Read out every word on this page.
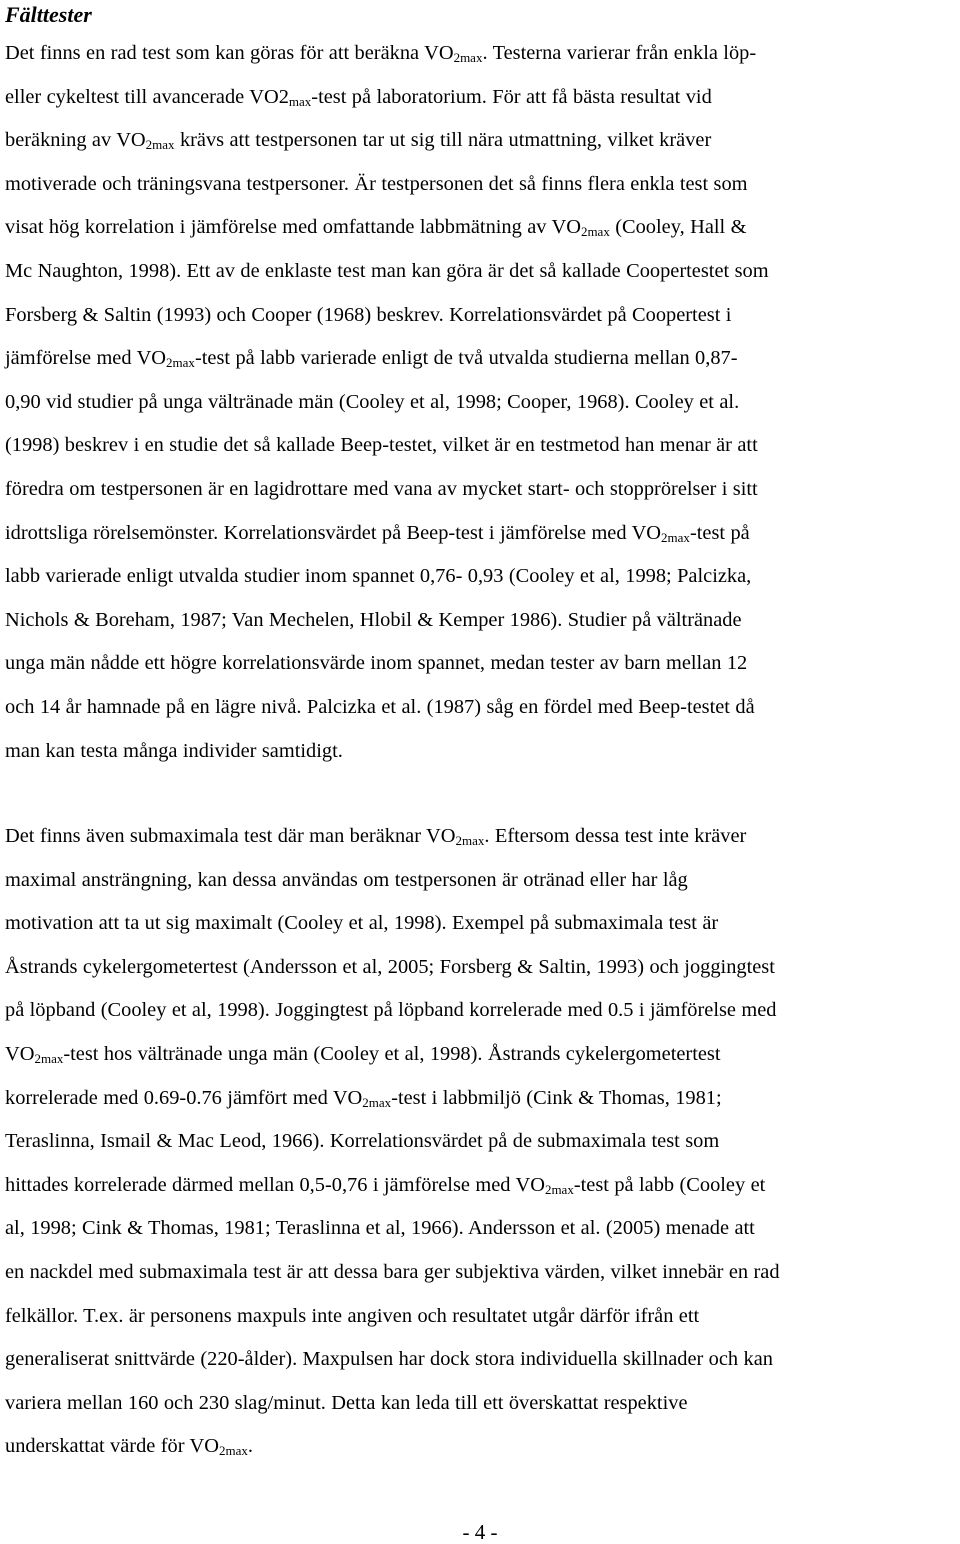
Fälttester

Det finns en rad test som kan göras för att beräkna $VO_{2max}$. Testerna varierar från enkla löp-
eller cykeltest till avancerade $VO2_{max}$-test på laboratorium. För att få bästa resultat vid
beräkning av $VO_{2max}$ krävs att testpersonen tar ut sig till nära utmattning, vilket kräver
motiverade och träningsvana testpersoner. Är testpersonen det så finns flera enkla test som
visat hög korrelation i jämförelse med omfattande labbmätning av $VO_{2max}$ (Cooley, Hall &
Mc Naughton, 1998). Ett av de enklaste test man kan göra är det så kallade Coopertestet som
Forsberg & Saltin (1993) och Cooper (1968) beskrev. Korrelationsvärdet på Coopertest i
jämförelse med $VO_{2max}$-test på labb varierade enligt de två utvalda studierna mellan 0,87-
0,90 vid studier på unga vältränade män (Cooley et al, 1998; Cooper, 1968). Cooley et al.
(1998) beskrev i en studie det så kallade Beep-testet, vilket är en testmetod han menar är att
föredra om testpersonen är en lagidrottare med vana av mycket start- och stopprörelser i sitt
idrottsliga rörelsemönster. Korrelationsvärdet på Beep-test i jämförelse med $VO_{2max}$-test på
labb varierade enligt utvalda studier inom spannet 0,76- 0,93 (Cooley et al, 1998; Palcizka,
Nichols & Boreham, 1987; Van Mechelen, Hlobil & Kemper 1986). Studier på vältränade
unga män nådde ett högre korrelationsvärde inom spannet, medan tester av barn mellan 12
och 14 år hamnade på en lägre nivå. Palcizka et al. (1987) såg en fördel med Beep-testet då
man kan testa många individer samtidigt.

Det finns även submaximala test där man beräknar $VO_{2max}$. Eftersom dessa test inte kräver
maximal ansträngning, kan dessa användas om testpersonen är otränad eller har låg
motivation att ta ut sig maximalt (Cooley et al, 1998). Exempel på submaximala test är
Åstrands cykelergometertest (Andersson et al, 2005; Forsberg & Saltin, 1993) och joggingtest
på löpband (Cooley et al, 1998). Joggingtest på löpband korrelerade med 0.5 i jämförelse med
$VO_{2max}$-test hos vältränade unga män (Cooley et al, 1998). Åstrands cykelergometertest
korrelerade med 0.69-0.76 jämfört med $VO_{2max}$-test i labbmiljö (Cink & Thomas, 1981;
Teraslinna, Ismail & Mac Leod, 1966). Korrelationsvärdet på de submaximala test som
hittades korrelerade därmed mellan 0,5-0,76 i jämförelse med $VO_{2max}$-test på labb (Cooley et
al, 1998; Cink & Thomas, 1981; Teraslinna et al, 1966). Andersson et al. (2005) menade att
en nackdel med submaximala test är att dessa bara ger subjektiva värden, vilket innebär en rad
felkällor. T.ex. är personens maxpuls inte angiven och resultatet utgår därför ifrån ett
generaliserat snittvärde (220-ålder). Maxpulsen har dock stora individuella skillnader och kan
variera mellan 160 och 230 slag/minut. Detta kan leda till ett överskattat respektive
underskattat värde för $VO_{2max}$.

- 4 -
